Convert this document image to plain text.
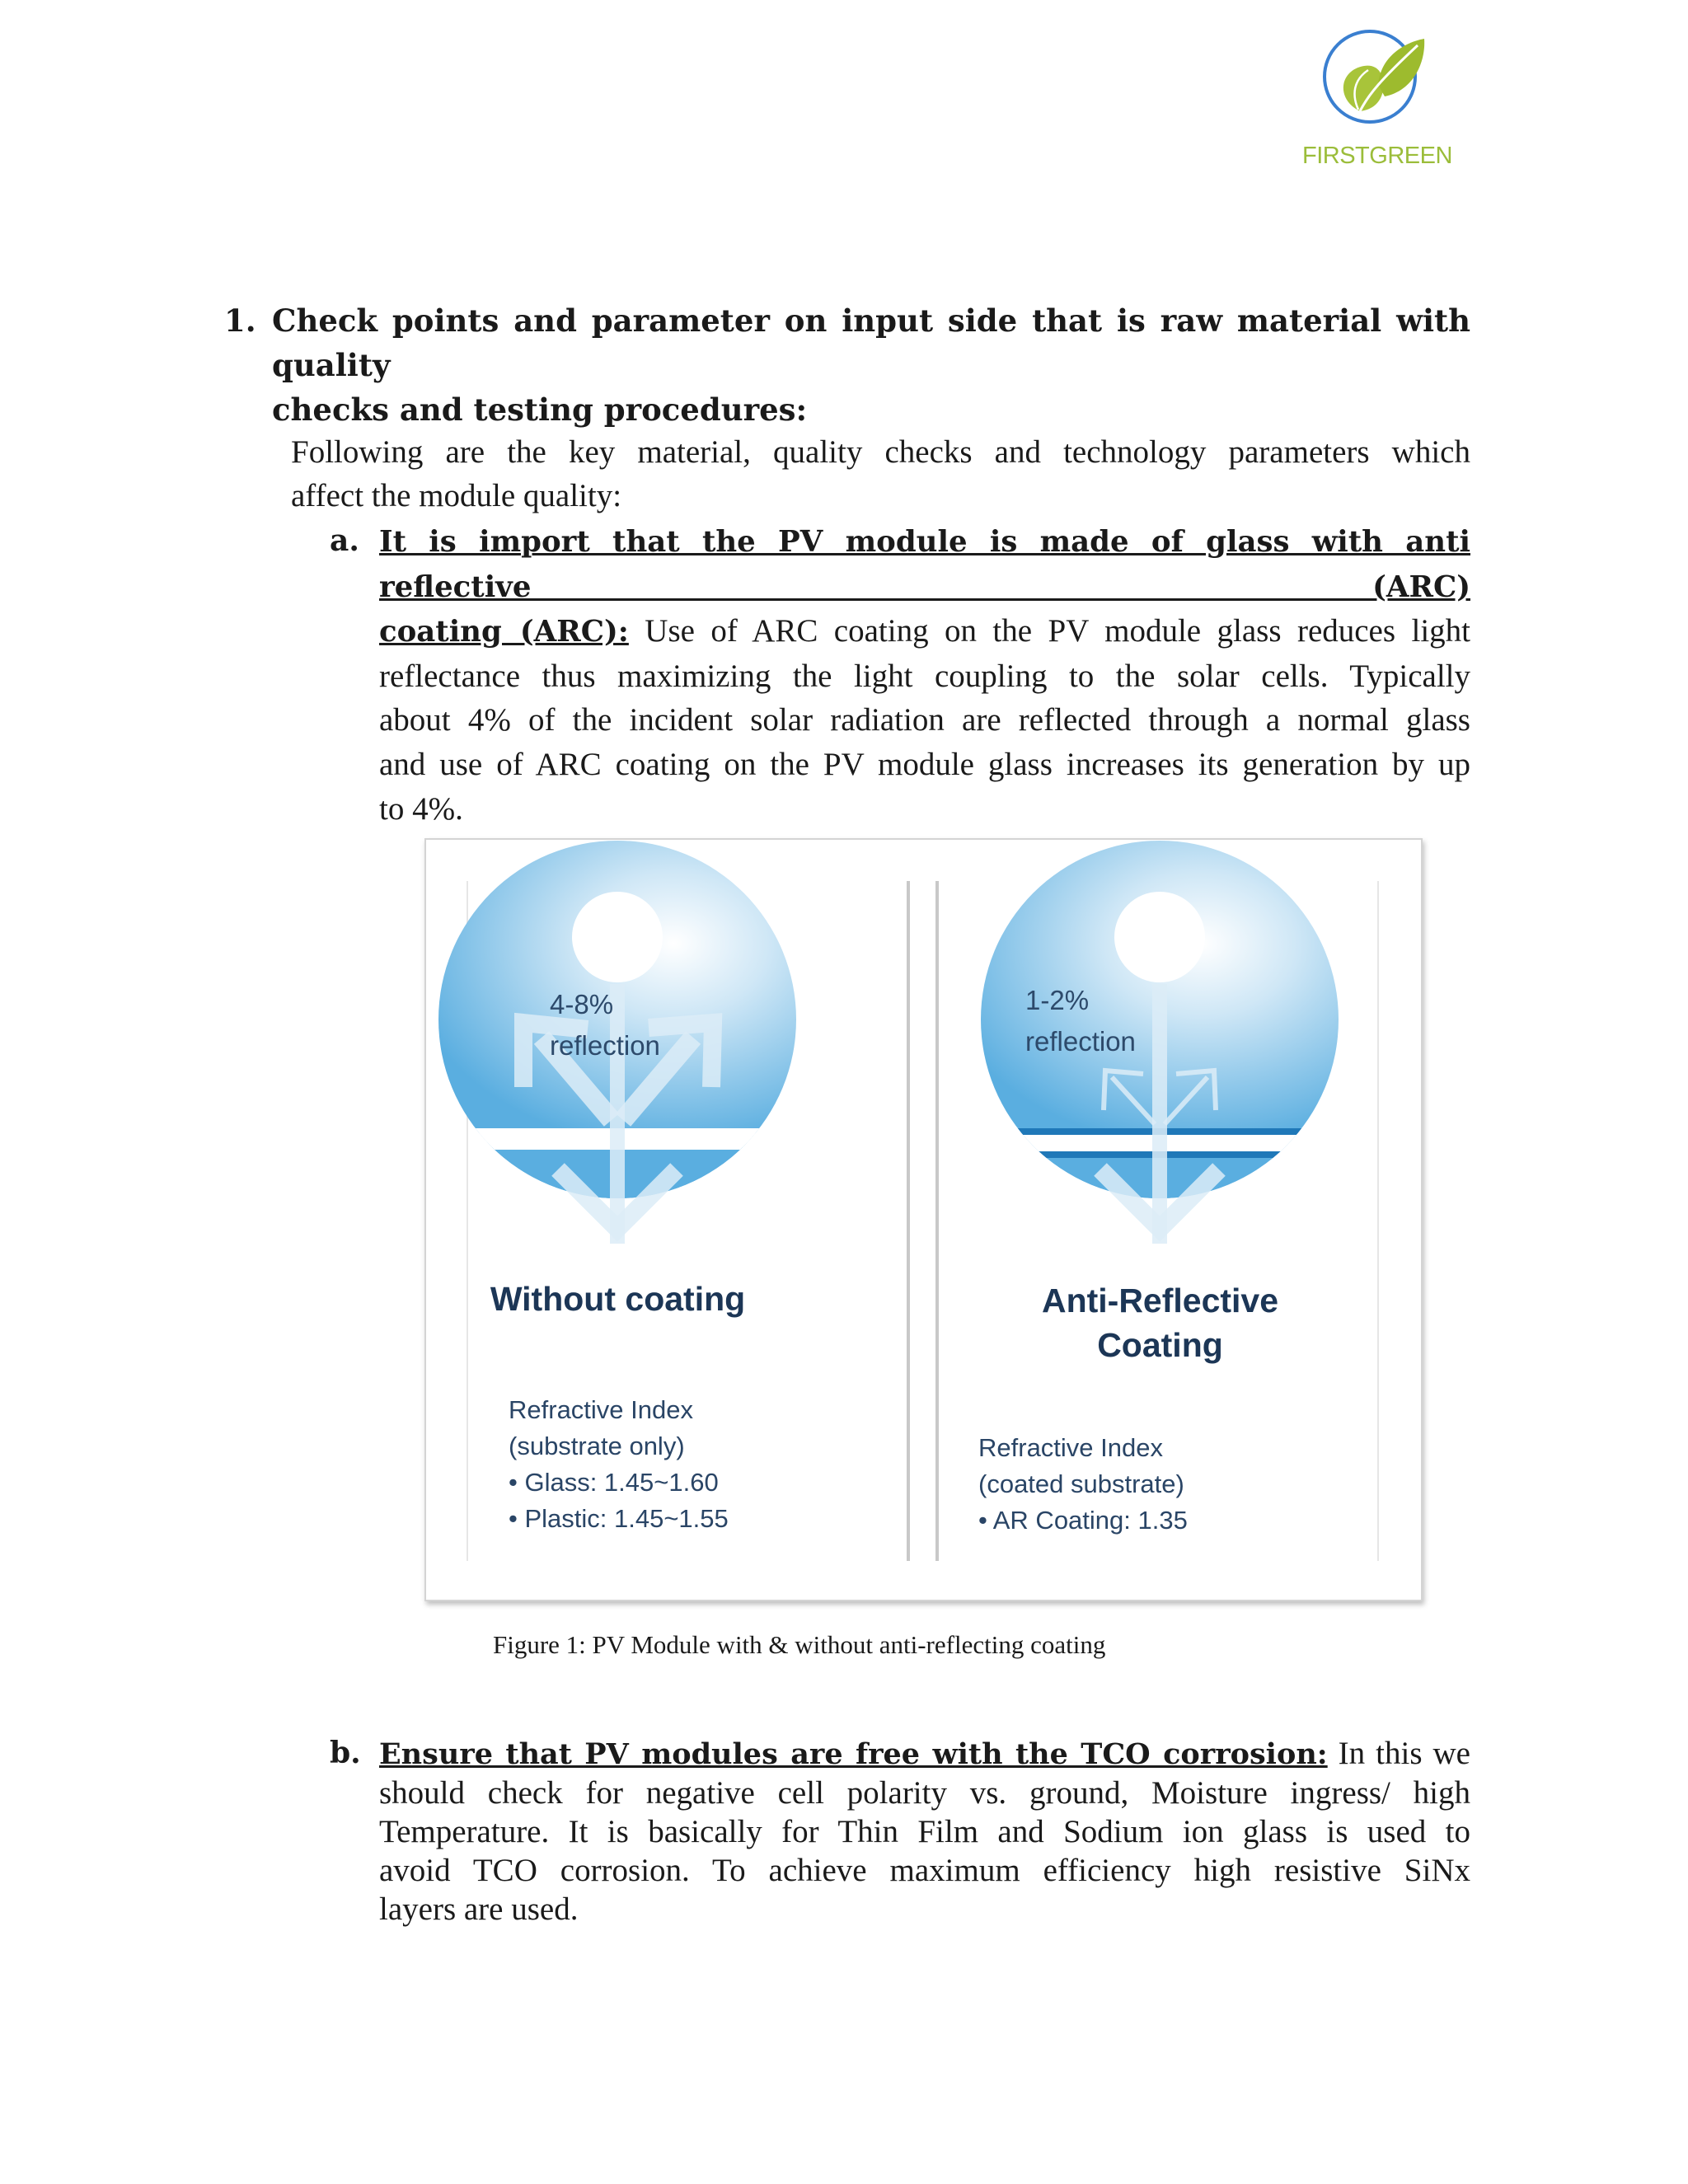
FIRSTGREEN
1. Check points and parameter on input side that is raw material with quality
checks and testing procedures:
Following are the key material, quality checks and technology parameters which
affect the module quality:
a. It is import that the PV module is made of glass with anti reflective (ARC)
coating (ARC): Use of ARC coating on the PV module glass reduces light
reflectance thus maximizing the light coupling to the solar cells. Typically
about 4% of the incident solar radiation are reflected through a normal glass
and use of ARC coating on the PV module glass increases its generation by up
to 4%.
4-8%
reflection
Without coating
Refractive Index
(substrate only)
• Glass: 1.45~1.60
• Plastic: 1.45~1.55
1-2%
reflection
Anti-Reflective
Coating
Refractive Index
(coated substrate)
• AR Coating: 1.35
Figure 1: PV Module with & without anti-reflecting coating
b. Ensure that PV modules are free with the TCO corrosion: In this we
should check for negative cell polarity vs. ground, Moisture ingress/ high
Temperature. It is basically for Thin Film and Sodium ion glass is used to
avoid TCO corrosion. To achieve maximum efficiency high resistive SiNx
layers are used.
